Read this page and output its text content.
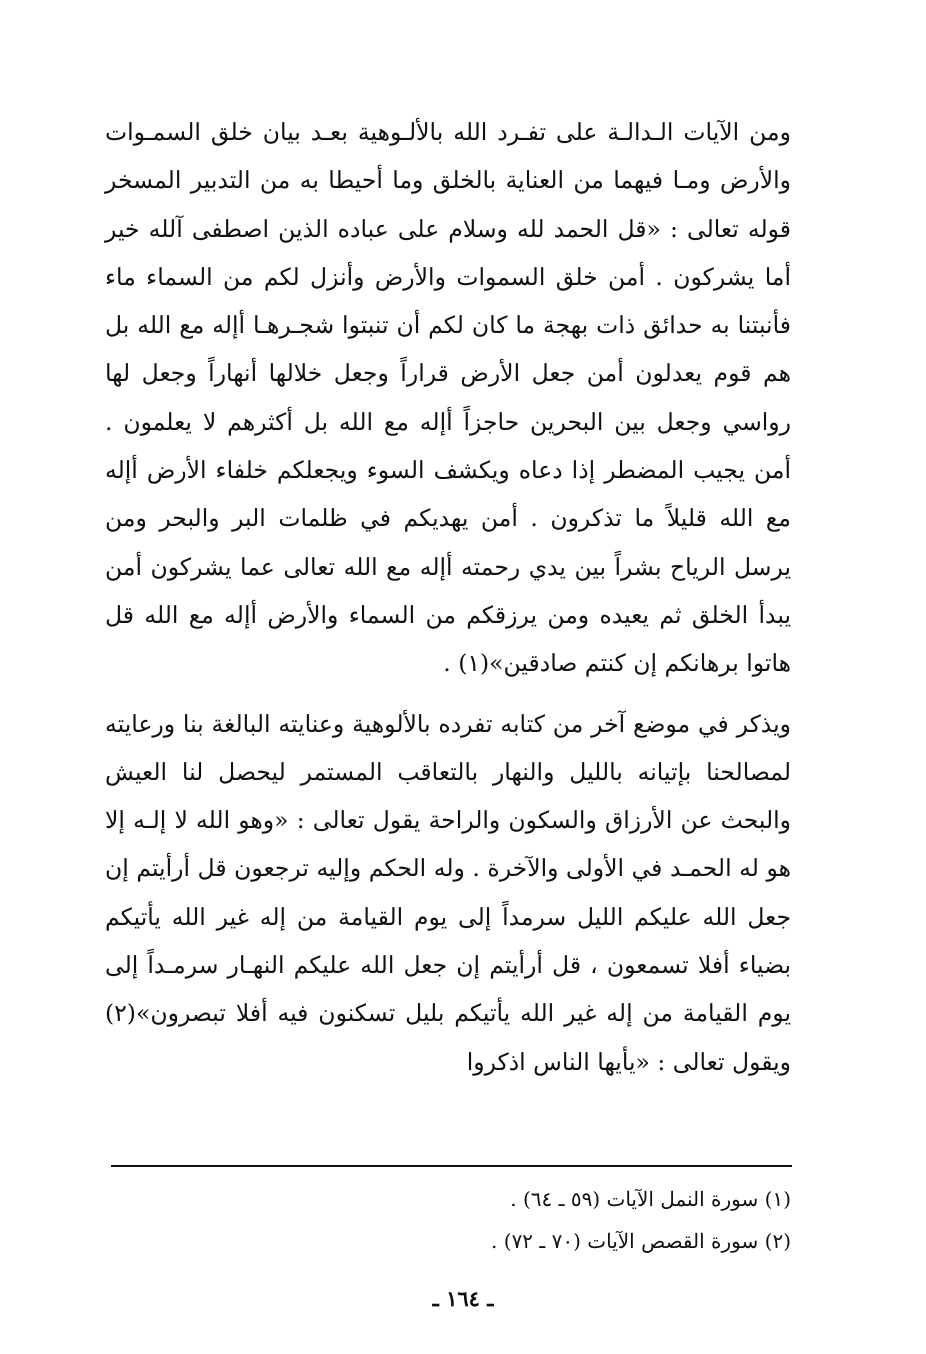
ومن الآيات الـدالـة على تفـرد الله بالألـوهية بعـد بيان خلق السمـوات والأرض ومـا فيهما من العناية بالخلق وما أحيطا به من التدبير المسخر قوله تعالى : «قل الحمد لله وسلام على عباده الذين اصطفى آلله خير أما يشركون . أمن خلق السموات والأرض وأنزل لكم من السماء ماء فأنبتنا به حدائق ذات بهجة ما كان لكم أن تنبتوا شجـرهـا أإله مع الله بل هم قوم يعدلون أمن جعل الأرض قراراً وجعل خلالها أنهاراً وجعل لها رواسي وجعل بين البحرين حاجزاً أإله مع الله بل أكثرهم لا يعلمون . أمن يجيب المضطر إذا دعاه ويكشف السوء ويجعلكم خلفاء الأرض أإله مع الله قليلاً ما تذكرون . أمن يهديكم في ظلمات البر والبحر ومن يرسل الرياح بشراً بين يدي رحمته أإله مع الله تعالى عما يشركون أمن يبدأ الخلق ثم يعيده ومن يرزقكم من السماء والأرض أإله مع الله قل هاتوا برهانكم إن كنتم صادقين»(١) .

ويذكر في موضع آخر من كتابه تفرده بالألوهية وعنايته البالغة بنا ورعايته لمصالحنا بإتيانه بالليل والنهار بالتعاقب المستمر ليحصل لنا العيش والبحث عن الأرزاق والسكون والراحة يقول تعالى : «وهو الله لا إلـه إلا هو له الحمـد في الأولى والآخرة . وله الحكم وإليه ترجعون قل أرأيتم إن جعل الله عليكم الليل سرمداً إلى يوم القيامة من إله غير الله يأتيكم بضياء أفلا تسمعون ، قل أرأيتم إن جعل الله عليكم النهـار سرمـداً إلى يوم القيامة من إله غير الله يأتيكم بليل تسكنون فيه أفلا تبصرون»(٢) ويقول تعالى : «يأيها الناس اذكروا

(١) سورة النمل الآيات (٥٩ ـ ٦٤) .
(٢) سورة القصص الآيات (٧٠ ـ ٧٢) .
ـ ١٦٤ ـ
